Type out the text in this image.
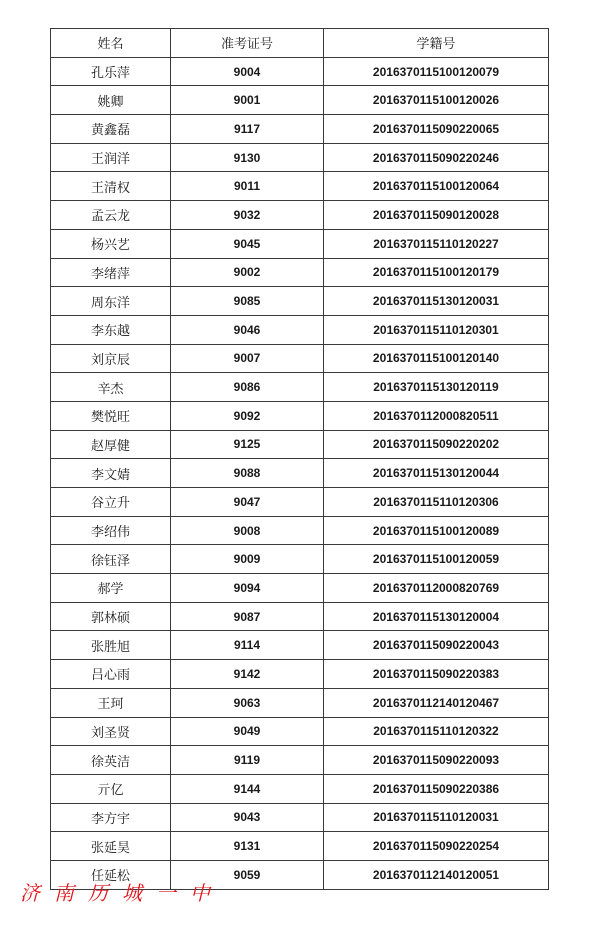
姓名	准考证号	学籍号
孔乐萍	9004	2016370115100120079
姚卿	9001	2016370115100120026
黄鑫磊	9117	2016370115090220065
王润洋	9130	2016370115090220246
王清权	9011	2016370115100120064
孟云龙	9032	2016370115090120028
杨兴艺	9045	2016370115110120227
李绪萍	9002	2016370115100120179
周东洋	9085	2016370115130120031
李东越	9046	2016370115110120301
刘京辰	9007	2016370115100120140
辛杰	9086	2016370115130120119
樊悦旺	9092	2016370112000820511
赵厚健	9125	2016370115090220202
李文婧	9088	2016370115130120044
谷立升	9047	2016370115110120306
李绍伟	9008	2016370115100120089
徐钰泽	9009	2016370115100120059
郝学	9094	2016370112000820769
郭林硕	9087	2016370115130120004
张胜旭	9114	2016370115090220043
吕心雨	9142	2016370115090220383
王珂	9063	2016370112140120467
刘圣贤	9049	2016370115110120322
徐英洁	9119	2016370115090220093
亓亿	9144	2016370115090220386
李方宇	9043	2016370115110120031
张延昊	9131	2016370115090220254
任延松	9059	2016370112140120051
济南历城一中
